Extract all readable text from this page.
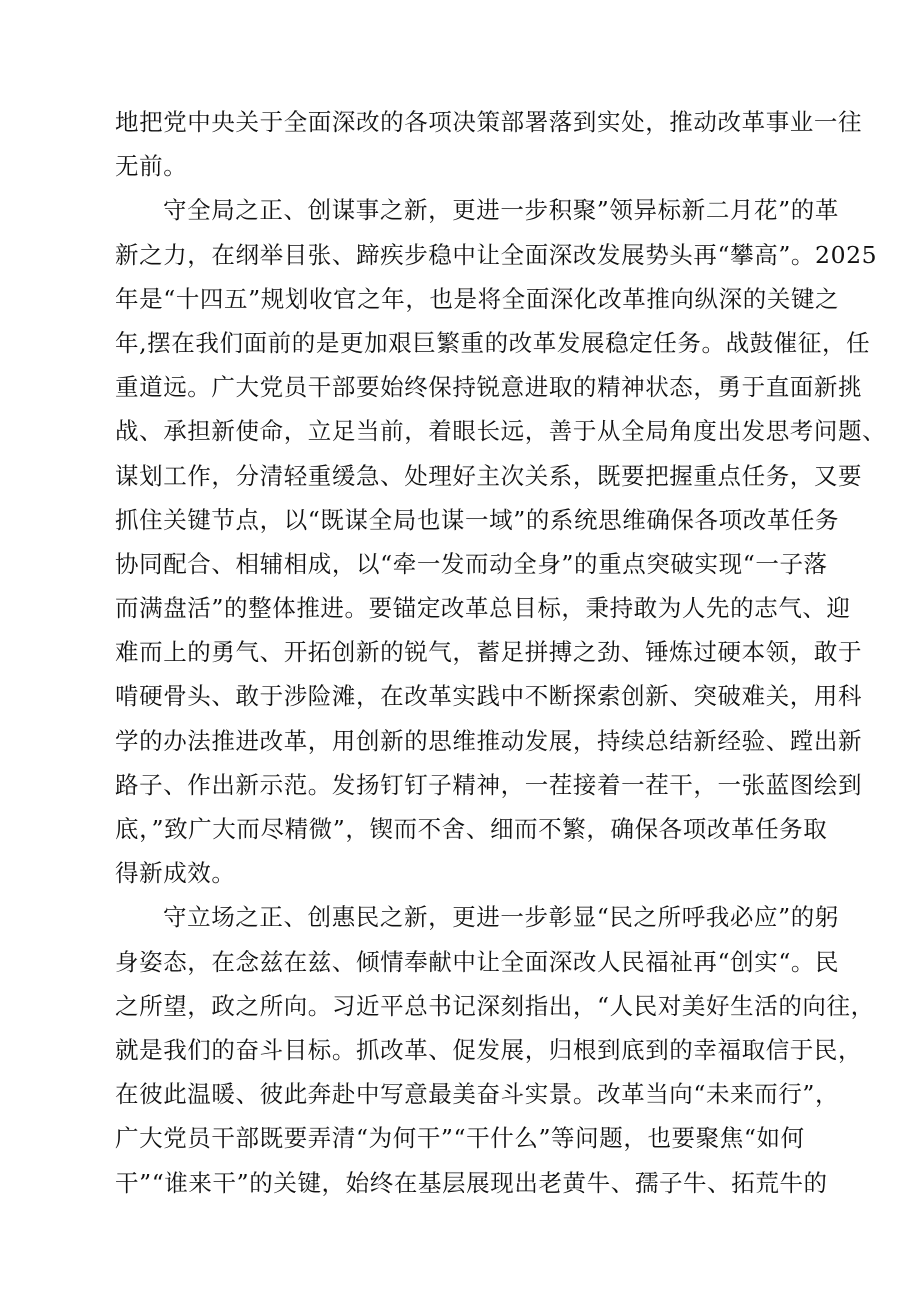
地把党中央关于全面深改的各项决策部署落到实处，推动改革事业一往
无前。

守全局之正、创谋事之新，更进一步积聚”领异标新二月花”的革
新之力，在纲举目张、蹄疾步稳中让全面深改发展势头再“攀高”。2025
年是“十四五”规划收官之年，也是将全面深化改革推向纵深的关键之
年,摆在我们面前的是更加艰巨繁重的改革发展稳定任务。战鼓催征，任
重道远。广大党员干部要始终保持锐意进取的精神状态，勇于直面新挑
战、承担新使命，立足当前，着眼长远，善于从全局角度出发思考问题、
谋划工作，分清轻重缓急、处理好主次关系，既要把握重点任务，又要
抓住关键节点，以“既谋全局也谋一域”的系统思维确保各项改革任务
协同配合、相辅相成，以“牵一发而动全身”的重点突破实现“一子落
而满盘活”的整体推进。要锚定改革总目标，秉持敢为人先的志气、迎
难而上的勇气、开拓创新的锐气，蓄足拼搏之劲、锤炼过硬本领，敢于
啃硬骨头、敢于涉险滩，在改革实践中不断探索创新、突破难关，用科
学的办法推进改革，用创新的思维推动发展，持续总结新经验、蹚出新
路子、作出新示范。发扬钉钉子精神，一茬接着一茬干，一张蓝图绘到
底，”致广大而尽精微”，锲而不舍、细而不繁，确保各项改革任务取
得新成效。

守立场之正、创惠民之新，更进一步彰显“民之所呼我必应”的躬
身姿态，在念兹在兹、倾情奉献中让全面深改人民福祉再“创实“。民
之所望，政之所向。习近平总书记深刻指出，“人民对美好生活的向往，
就是我们的奋斗目标。抓改革、促发展，归根到底到的幸福取信于民，
在彼此温暖、彼此奔赴中写意最美奋斗实景。改革当向“未来而行”，
广大党员干部既要弄清“为何干”“干什么”等问题，也要聚焦“如何
干”“谁来干”的关键，始终在基层展现出老黄牛、孺子牛、拓荒牛的
